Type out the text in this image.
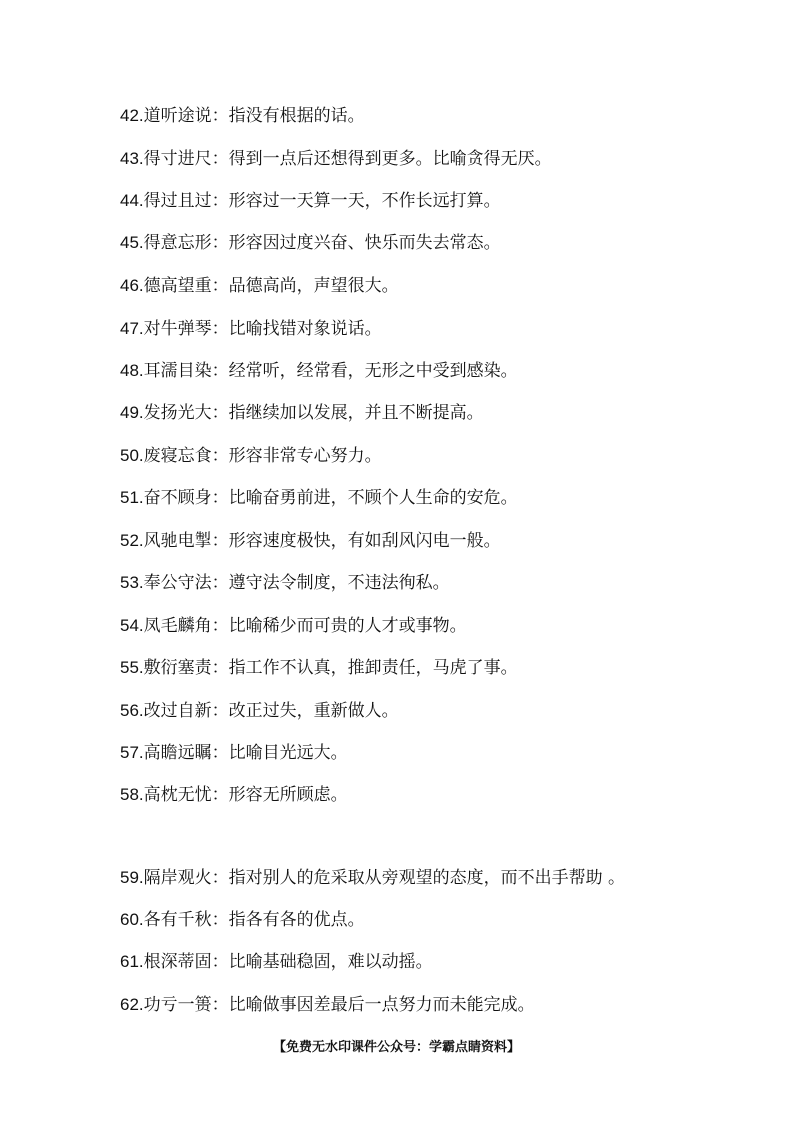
42.道听途说：指没有根据的话。
43.得寸进尺：得到一点后还想得到更多。比喻贪得无厌。
44.得过且过：形容过一天算一天，不作长远打算。
45.得意忘形：形容因过度兴奋、快乐而失去常态。
46.德高望重：品德高尚，声望很大。
47.对牛弹琴：比喻找错对象说话。
48.耳濡目染：经常听，经常看，无形之中受到感染。
49.发扬光大：指继续加以发展，并且不断提高。
50.废寝忘食：形容非常专心努力。
51.奋不顾身：比喻奋勇前进，不顾个人生命的安危。
52.风驰电掣：形容速度极快，有如刮风闪电一般。
53.奉公守法：遵守法令制度，不违法徇私。
54.凤毛麟角：比喻稀少而可贵的人才或事物。
55.敷衍塞责：指工作不认真，推卸责任，马虎了事。
56.改过自新：改正过失，重新做人。
57.高瞻远瞩：比喻目光远大。
58.高枕无忧：形容无所顾虑。
59.隔岸观火：指对别人的危采取从旁观望的态度，而不出手帮助 。
60.各有千秋：指各有各的优点。
61.根深蒂固：比喻基础稳固，难以动摇。
62.功亏一篑：比喻做事因差最后一点努力而未能完成。
【免费无水印课件公众号：学霸点睛资料】
